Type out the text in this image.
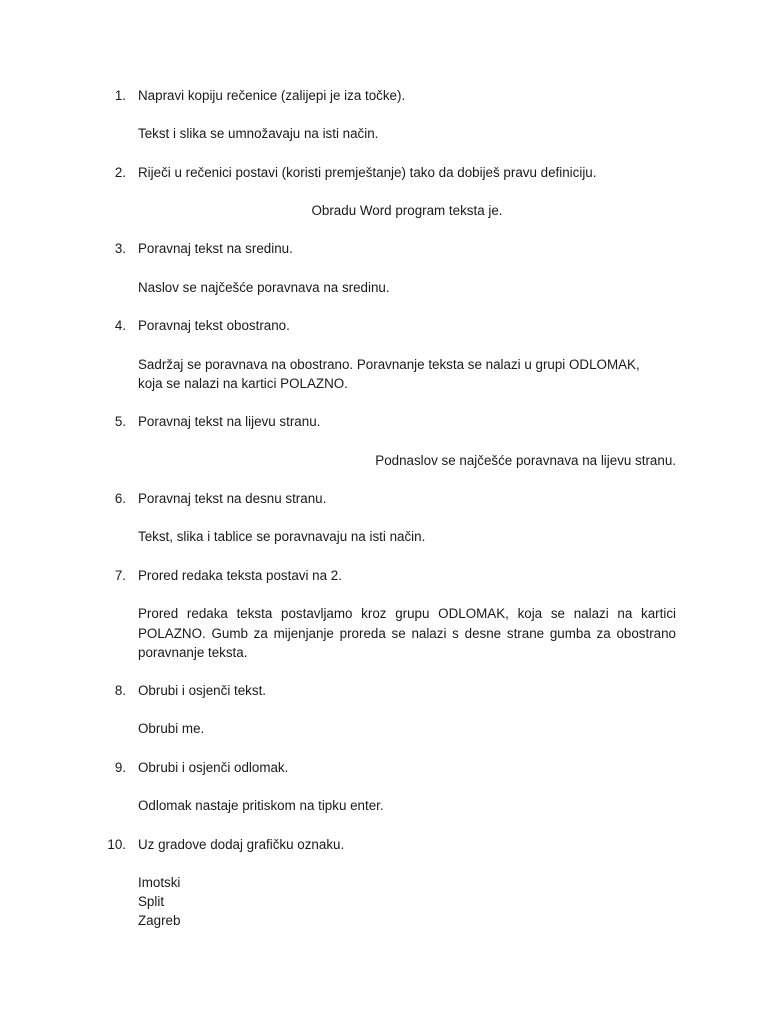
1. Napravi kopiju rečenice (zalijepi je iza točke).
Tekst i slika se umnožavaju na isti način.
2. Riječi u rečenici postavi (koristi premještanje) tako da dobiješ pravu definiciju.
Obradu Word program teksta je.
3. Poravnaj tekst na sredinu.
Naslov se najčešće poravnava na sredinu.
4. Poravnaj tekst obostrano.
Sadržaj se poravnava na obostrano. Poravnanje teksta se nalazi u grupi ODLOMAK,
koja se nalazi na kartici POLAZNO.
5. Poravnaj tekst na lijevu stranu.
Podnaslov se najčešće poravnava na lijevu stranu.
6. Poravnaj tekst na desnu stranu.
Tekst, slika i tablice se poravnavaju na isti način.
7. Prored redaka teksta postavi na 2.
Prored redaka teksta postavljamo kroz grupu ODLOMAK, koja se nalazi na kartici POLAZNO. Gumb za mijenjanje proreda se nalazi s desne strane gumba za obostrano poravnanje teksta.
8. Obrubi i osjenči tekst.
Obrubi me.
9. Obrubi i osjenči odlomak.
Odlomak nastaje pritiskom na tipku enter.
10. Uz gradove dodaj grafičku oznaku.
Imotski
Split
Zagreb
